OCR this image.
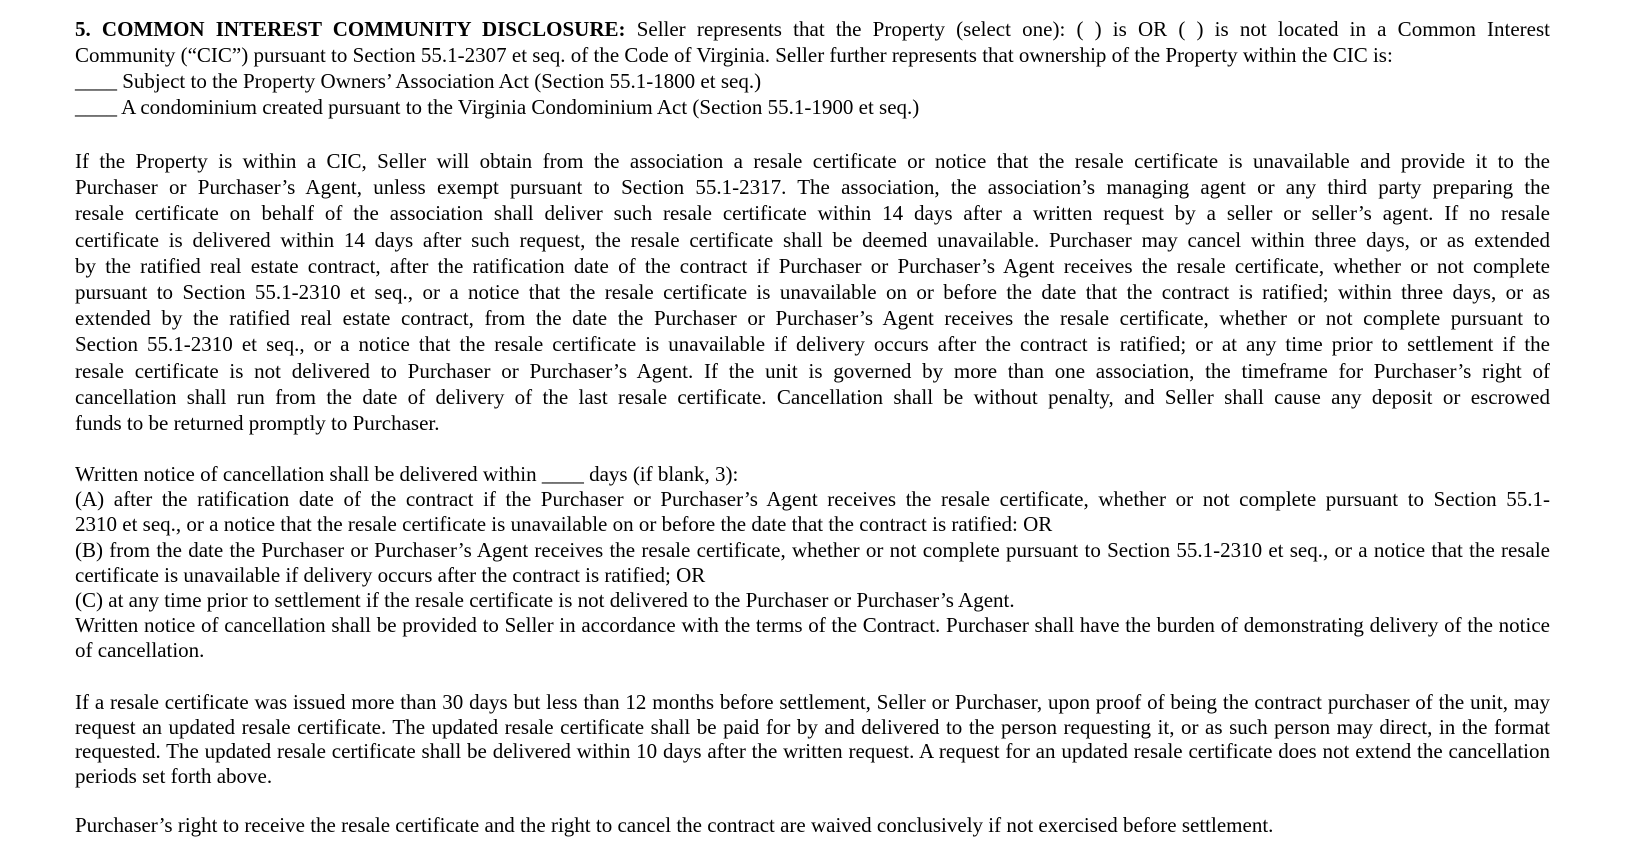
5. COMMON INTEREST COMMUNITY DISCLOSURE: Seller represents that the Property (select one): ( ) is OR ( ) is not located in a Common Interest
Community (“CIC”) pursuant to Section 55.1-2307 et seq. of the Code of Virginia. Seller further represents that ownership of the Property within the CIC is:
____ Subject to the Property Owners’ Association Act (Section 55.1-1800 et seq.)
____ A condominium created pursuant to the Virginia Condominium Act (Section 55.1-1900 et seq.)
If the Property is within a CIC, Seller will obtain from the association a resale certificate or notice that the resale certificate is unavailable and provide it to the
Purchaser or Purchaser’s Agent, unless exempt pursuant to Section 55.1-2317. The association, the association’s managing agent or any third party preparing the
resale certificate on behalf of the association shall deliver such resale certificate within 14 days after a written request by a seller or seller’s agent. If no resale
certificate is delivered within 14 days after such request, the resale certificate shall be deemed unavailable. Purchaser may cancel within three days, or as extended
by the ratified real estate contract, after the ratification date of the contract if Purchaser or Purchaser’s Agent receives the resale certificate, whether or not complete
pursuant to Section 55.1-2310 et seq., or a notice that the resale certificate is unavailable on or before the date that the contract is ratified; within three days, or as
extended by the ratified real estate contract, from the date the Purchaser or Purchaser’s Agent receives the resale certificate, whether or not complete pursuant to
Section 55.1-2310 et seq., or a notice that the resale certificate is unavailable if delivery occurs after the contract is ratified; or at any time prior to settlement if the
resale certificate is not delivered to Purchaser or Purchaser’s Agent. If the unit is governed by more than one association, the timeframe for Purchaser’s right of
cancellation shall run from the date of delivery of the last resale certificate. Cancellation shall be without penalty, and Seller shall cause any deposit or escrowed
funds to be returned promptly to Purchaser.
Written notice of cancellation shall be delivered within ____ days (if blank, 3):
(A) after the ratification date of the contract if the Purchaser or Purchaser’s Agent receives the resale certificate, whether or not complete pursuant to Section 55.1-
2310 et seq., or a notice that the resale certificate is unavailable on or before the date that the contract is ratified: OR
(B) from the date the Purchaser or Purchaser’s Agent receives the resale certificate, whether or not complete pursuant to Section 55.1-2310 et seq., or a notice that the resale
certificate is unavailable if delivery occurs after the contract is ratified; OR
(C) at any time prior to settlement if the resale certificate is not delivered to the Purchaser or Purchaser’s Agent.
Written notice of cancellation shall be provided to Seller in accordance with the terms of the Contract. Purchaser shall have the burden of demonstrating delivery of the notice
of cancellation.
If a resale certificate was issued more than 30 days but less than 12 months before settlement, Seller or Purchaser, upon proof of being the contract purchaser of the unit, may
request an updated resale certificate. The updated resale certificate shall be paid for by and delivered to the person requesting it, or as such person may direct, in the format
requested. The updated resale certificate shall be delivered within 10 days after the written request. A request for an updated resale certificate does not extend the cancellation
periods set forth above.
Purchaser’s right to receive the resale certificate and the right to cancel the contract are waived conclusively if not exercised before settlement.
